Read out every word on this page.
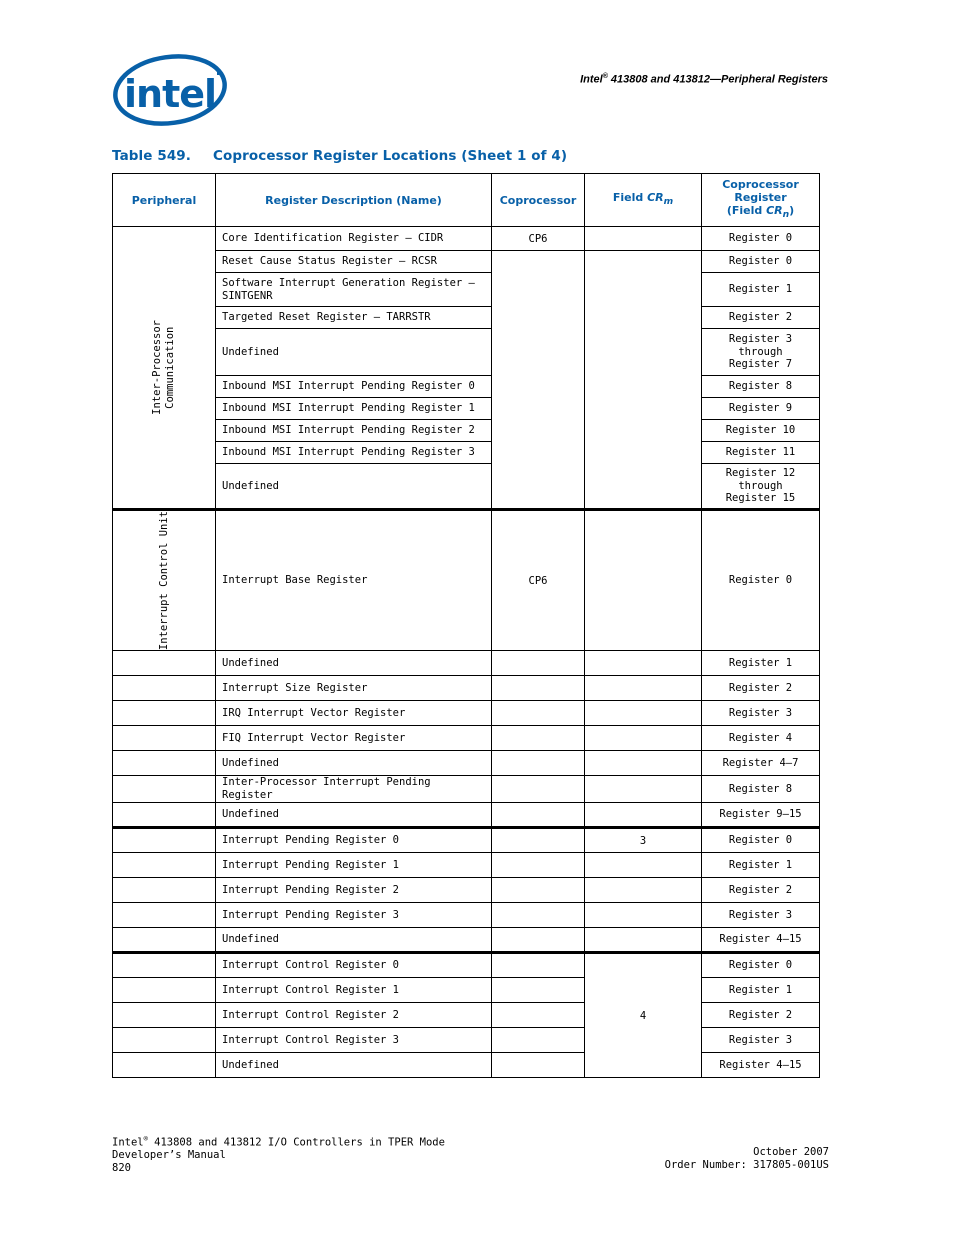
intel	Intel® 413808 and 413812—Peripheral Registers
Table 549. Coprocessor Register Locations (Sheet 1 of 4)
Peripheral	Register Description (Name)	Coprocessor	Field $CR_m$	Coprocessor
Register
(Field $CR_n$)

Inter-Processor
Communication	Core Identification Register — CIDR	CP6		Register 0
	Reset Cause Status Register — RCSR			Register 0
	Software Interrupt Generation Register —
SINTGENR			Register 1
	Targeted Reset Register — TARRSTR			Register 2
	Undefined			Register 3
through
Register 7
	Inbound MSI Interrupt Pending Register 0			Register 8
	Inbound MSI Interrupt Pending Register 1			Register 9
	Inbound MSI Interrupt Pending Register 2			Register 10
	Inbound MSI Interrupt Pending Register 3			Register 11
	Undefined			Register 12
through
Register 15

Interrupt Control Unit	Interrupt Base Register	CP6		Register 0
	Undefined			Register 1
	Interrupt Size Register			Register 2
	IRQ Interrupt Vector Register			Register 3
	FIQ Interrupt Vector Register			Register 4
	Undefined			Register 4–7
	Inter-Processor Interrupt Pending Register			Register 8
	Undefined			Register 9–15
	Interrupt Pending Register 0		3	Register 0
	Interrupt Pending Register 1			Register 1
	Interrupt Pending Register 2			Register 2
	Interrupt Pending Register 3			Register 3
	Undefined			Register 4–15
	Interrupt Control Register 0		4	Register 0
	Interrupt Control Register 1			Register 1
	Interrupt Control Register 2			Register 2
	Interrupt Control Register 3			Register 3
	Undefined			Register 4–15
Intel® 413808 and 413812 I/O Controllers in TPER Mode
Developer’s Manual
820
October 2007
Order Number: 317805-001US
